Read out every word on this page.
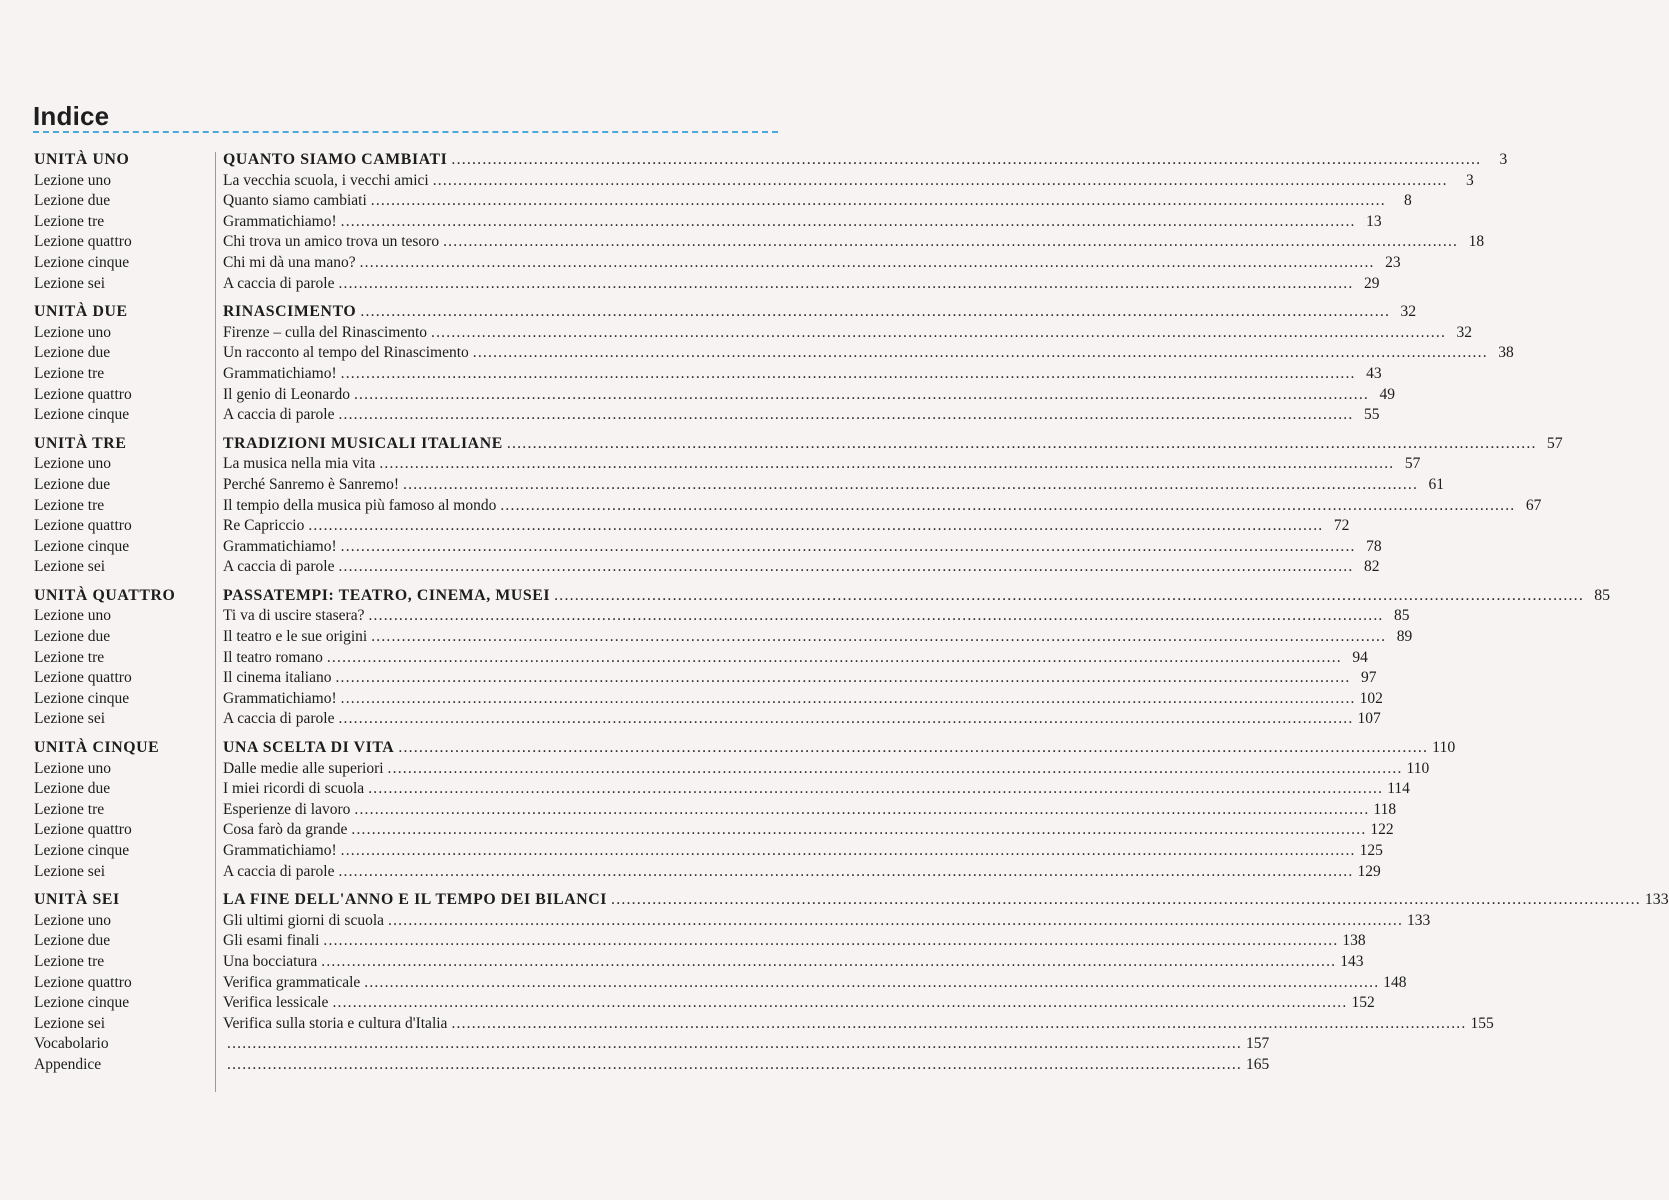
Indice
UNITÀ UNO	QUANTO SIAMO CAMBIATI ........................................................................................................................................................................................................	3
Lezione uno	La vecchia scuola, i vecchi amici ........................................................................................................................................................................................................	3
Lezione due	Quanto siamo cambiati ........................................................................................................................................................................................................	8
Lezione tre	Grammatichiamo! ........................................................................................................................................................................................................ 13
Lezione quattro	Chi trova un amico trova un tesoro ........................................................................................................................................................................................................ 18
Lezione cinque	Chi mi dà una mano? ........................................................................................................................................................................................................ 23
Lezione sei	A caccia di parole ........................................................................................................................................................................................................ 29
UNITÀ DUE	RINASCIMENTO ........................................................................................................................................................................................................ 32
Lezione uno	Firenze – culla del Rinascimento ........................................................................................................................................................................................................ 32
Lezione due	Un racconto al tempo del Rinascimento ........................................................................................................................................................................................................ 38
Lezione tre	Grammatichiamo! ........................................................................................................................................................................................................ 43
Lezione quattro	Il genio di Leonardo ........................................................................................................................................................................................................ 49
Lezione cinque	A caccia di parole ........................................................................................................................................................................................................ 55
UNITÀ TRE	TRADIZIONI MUSICALI ITALIANE ........................................................................................................................................................................................................ 57
Lezione uno	La musica nella mia vita ........................................................................................................................................................................................................ 57
Lezione due	Perché Sanremo è Sanremo! ........................................................................................................................................................................................................ 61
Lezione tre	Il tempio della musica più famoso al mondo ........................................................................................................................................................................................................ 67
Lezione quattro	Re Capriccio ........................................................................................................................................................................................................ 72
Lezione cinque	Grammatichiamo! ........................................................................................................................................................................................................ 78
Lezione sei	A caccia di parole ........................................................................................................................................................................................................ 82
UNITÀ QUATTRO	PASSATEMPI: TEATRO, CINEMA, MUSEI ........................................................................................................................................................................................................ 85
Lezione uno	Ti va di uscire stasera? ........................................................................................................................................................................................................ 85
Lezione due	Il teatro e le sue origini ........................................................................................................................................................................................................ 89
Lezione tre	Il teatro romano ........................................................................................................................................................................................................ 94
Lezione quattro	Il cinema italiano ........................................................................................................................................................................................................ 97
Lezione cinque	Grammatichiamo! ........................................................................................................................................................................................................ 102
Lezione sei	A caccia di parole ........................................................................................................................................................................................................ 107
UNITÀ CINQUE	UNA SCELTA DI VITA ........................................................................................................................................................................................................ 110
Lezione uno	Dalle medie alle superiori ........................................................................................................................................................................................................ 110
Lezione due	I miei ricordi di scuola ........................................................................................................................................................................................................ 114
Lezione tre	Esperienze di lavoro ........................................................................................................................................................................................................ 118
Lezione quattro	Cosa farò da grande ........................................................................................................................................................................................................ 122
Lezione cinque	Grammatichiamo! ........................................................................................................................................................................................................ 125
Lezione sei	A caccia di parole ........................................................................................................................................................................................................ 129
UNITÀ SEI	LA FINE DELL'ANNO E IL TEMPO DEI BILANCI ........................................................................................................................................................................................................ 133
Lezione uno	Gli ultimi giorni di scuola ........................................................................................................................................................................................................ 133
Lezione due	Gli esami finali ........................................................................................................................................................................................................ 138
Lezione tre	Una bocciatura ........................................................................................................................................................................................................ 143
Lezione quattro	Verifica grammaticale ........................................................................................................................................................................................................ 148
Lezione cinque	Verifica lessicale ........................................................................................................................................................................................................ 152
Lezione sei	Verifica sulla storia e cultura d'Italia ........................................................................................................................................................................................................ 155
Vocabolario	........................................................................................................................................................................................................ 157
Appendice	........................................................................................................................................................................................................ 165
